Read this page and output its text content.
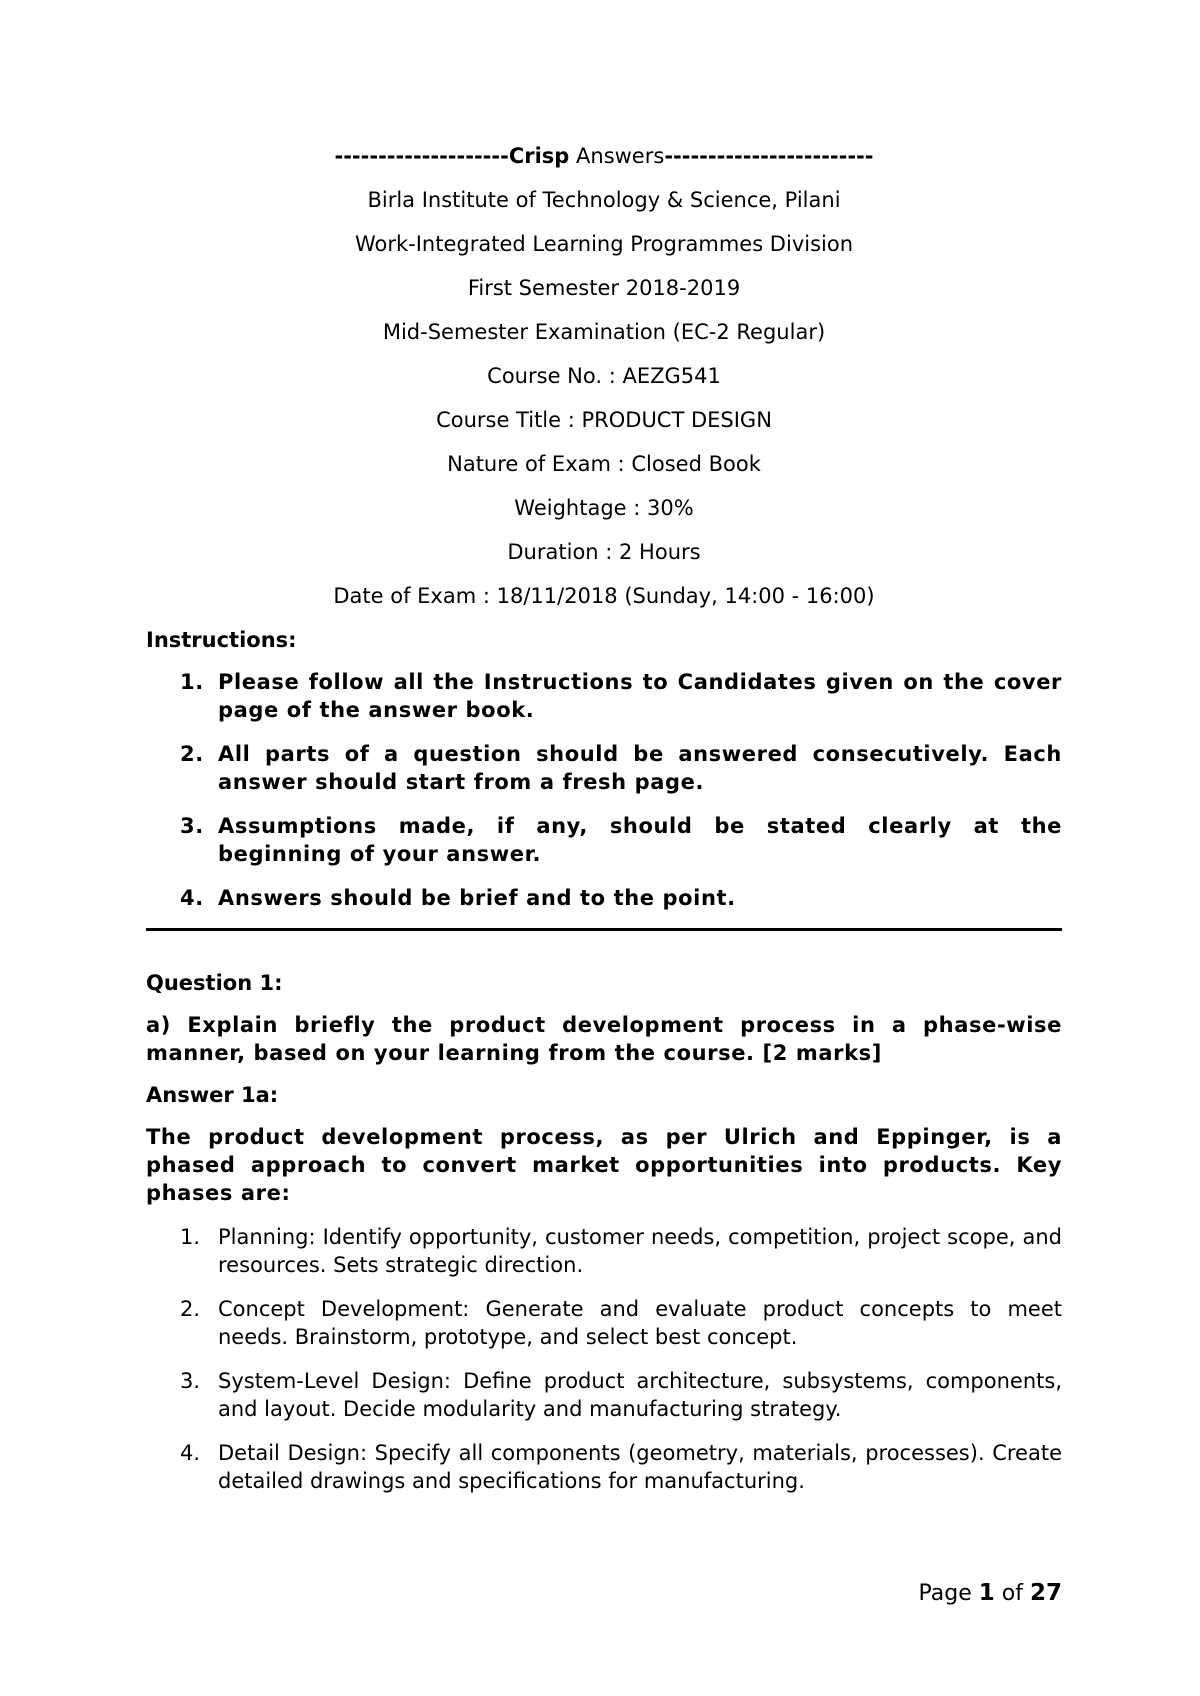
--------------------Crisp Answers------------------------

Birla Institute of Technology & Science, Pilani

Work-Integrated Learning Programmes Division

First Semester 2018-2019

Mid-Semester Examination (EC-2 Regular)

Course No. : AEZG541

Course Title : PRODUCT DESIGN

Nature of Exam : Closed Book

Weightage : 30%

Duration : 2 Hours

Date of Exam : 18/11/2018 (Sunday, 14:00 - 16:00)

Instructions:

1. Please follow all the Instructions to Candidates given on the cover page of the answer book.
2. All parts of a question should be answered consecutively. Each answer should start from a fresh page.
3. Assumptions made, if any, should be stated clearly at the beginning of your answer.
4. Answers should be brief and to the point.

Question 1:

a) Explain briefly the product development process in a phase-wise manner, based on your learning from the course. [2 marks]

Answer 1a:

The product development process, as per Ulrich and Eppinger, is a phased approach to convert market opportunities into products. Key phases are:

1. Planning: Identify opportunity, customer needs, competition, project scope, and resources. Sets strategic direction.
2. Concept Development: Generate and evaluate product concepts to meet needs. Brainstorm, prototype, and select best concept.
3. System-Level Design: Define product architecture, subsystems, components, and layout. Decide modularity and manufacturing strategy.
4. Detail Design: Specify all components (geometry, materials, processes). Create detailed drawings and specifications for manufacturing.
Page 1 of 27
